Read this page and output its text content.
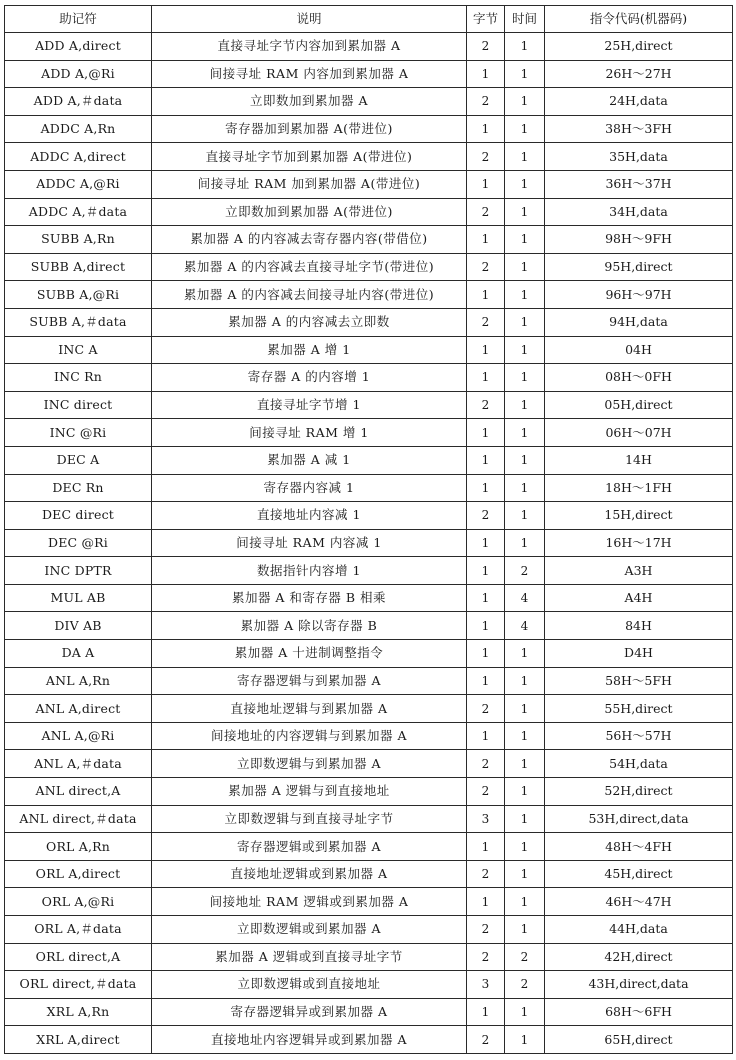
助记符	说明	字节	时间	指令代码(机器码)
ADD A,direct	直接寻址字节内容加到累加器 A	2	1	25H,direct
ADD A,@Ri	间接寻址 RAM 内容加到累加器 A	1	1	26H～27H
ADD A,＃data	立即数加到累加器 A	2	1	24H,data
ADDC A,Rn	寄存器加到累加器 A(带进位)	1	1	38H～3FH
ADDC A,direct	直接寻址字节加到累加器 A(带进位)	2	1	35H,data
ADDC A,@Ri	间接寻址 RAM 加到累加器 A(带进位)	1	1	36H～37H
ADDC A,＃data	立即数加到累加器 A(带进位)	2	1	34H,data
SUBB A,Rn	累加器 A 的内容减去寄存器内容(带借位)	1	1	98H～9FH
SUBB A,direct	累加器 A 的内容减去直接寻址字节(带进位)	2	1	95H,direct
SUBB A,@Ri	累加器 A 的内容减去间接寻址内容(带进位)	1	1	96H～97H
SUBB A,＃data	累加器 A 的内容减去立即数	2	1	94H,data
INC A	累加器 A 增 1	1	1	04H
INC Rn	寄存器 A 的内容增 1	1	1	08H～0FH
INC direct	直接寻址字节增 1	2	1	05H,direct
INC @Ri	间接寻址 RAM 增 1	1	1	06H～07H
DEC A	累加器 A 减 1	1	1	14H
DEC Rn	寄存器内容减 1	1	1	18H～1FH
DEC direct	直接地址内容减 1	2	1	15H,direct
DEC @Ri	间接寻址 RAM 内容减 1	1	1	16H～17H
INC DPTR	数据指针内容增 1	1	2	A3H
MUL AB	累加器 A 和寄存器 B 相乘	1	4	A4H
DIV AB	累加器 A 除以寄存器 B	1	4	84H
DA A	累加器 A 十进制调整指令	1	1	D4H
ANL A,Rn	寄存器逻辑与到累加器 A	1	1	58H～5FH
ANL A,direct	直接地址逻辑与到累加器 A	2	1	55H,direct
ANL A,@Ri	间接地址的内容逻辑与到累加器 A	1	1	56H～57H
ANL A,＃data	立即数逻辑与到累加器 A	2	1	54H,data
ANL direct,A	累加器 A 逻辑与到直接地址	2	1	52H,direct
ANL direct,＃data	立即数逻辑与到直接寻址字节	3	1	53H,direct,data
ORL A,Rn	寄存器逻辑或到累加器 A	1	1	48H～4FH
ORL A,direct	直接地址逻辑或到累加器 A	2	1	45H,direct
ORL A,@Ri	间接地址 RAM 逻辑或到累加器 A	1	1	46H～47H
ORL A,＃data	立即数逻辑或到累加器 A	2	1	44H,data
ORL direct,A	累加器 A 逻辑或到直接寻址字节	2	2	42H,direct
ORL direct,＃data	立即数逻辑或到直接地址	3	2	43H,direct,data
XRL A,Rn	寄存器逻辑异或到累加器 A	1	1	68H～6FH
XRL A,direct	直接地址内容逻辑异或到累加器 A	2	1	65H,direct
